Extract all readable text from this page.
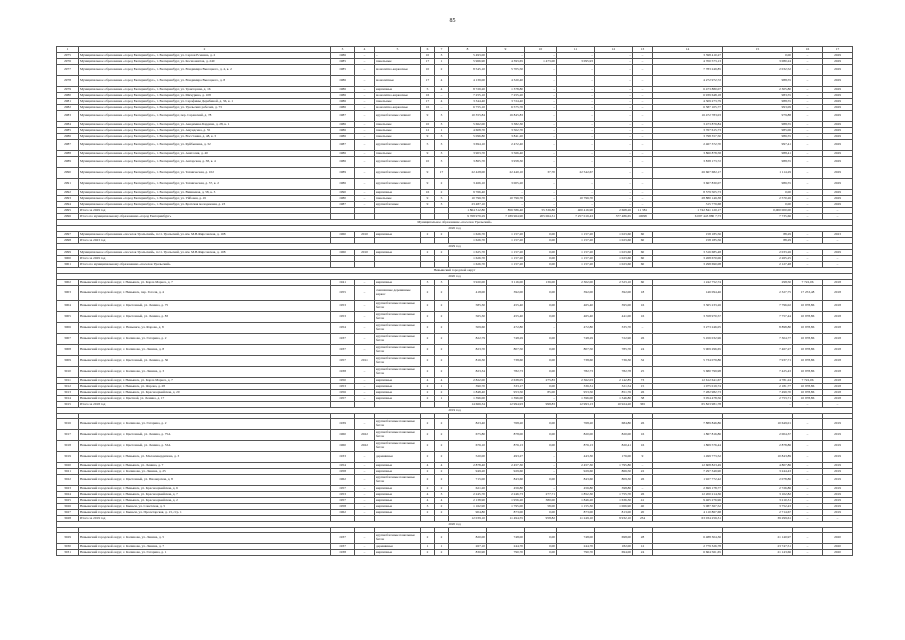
85
1	2	3	4	5	6	7	8	9	10	11	12	13	14	15	16	17
2975	Муниципальное образование «город Екатеринбург», г. Екатеринбург, ул. Сергея Есенина, д. 2	1986	–	–	10	3	5 493,00	–	–	–	–	–	3 398 410,27	0,00	–	2029
2976	Муниципальное образование «город Екатеринбург», г. Екатеринбург, ул. Космонавтов, д. 240	1985	–	панельные	17	1	5 966,90	4 393,65	1 473,00	3 095,93	–	–	4 700 573,13	3 080,24	–	2029
2977	Муниципальное образование «город Екатеринбург», г. Екатеринбург, ул. Владимира Высоцкого, д. 4, к. 2	1985	–	монолитно-каркасные	10	2	8 545,10	5 705,50	–	–	–	–	7 783 249,85	2 032,52	–	2029
2978	Муниципальное образование «город Екатеринбург», г. Екатеринбург, ул. Владимира Высоцкого, д. 8	1986	–	монолитные	17	4	4 139,00	4 320,40	–	–	–	–	4 272 972,72	988,55	–	2029
2979	Муниципальное образование «город Екатеринбург», г. Екатеринбург, ул. Тракторная, д. 16	1986	–	кирпичные	5	4	8 729,20	1 378,80	–	–	–	–	6 473 880,07	2 305,80	–	2029
2980	Муниципальное образование «город Екатеринбург», г. Екатеринбург, ул. Мичурина, д. 108	1986	–	монолитно-каркасные	16	–	7 255,10	7 255,20	–	–	–	–	6 939 648,18	983,55	–	2029
2981	Муниципальное образование «город Екатеринбург», г. Екатеринбург, ул. Серафимы Дерябиной, д. 36, к. 1	1986	–	панельные	17	4	3 344,40	3 724,40	–	–	–	–	4 309 273,79	988,55	–	2029
2982	Муниципальное образование «город Екатеринбург», г. Екатеринбург, ул. Уральских рабочих, д. 73	1986	–	монолитно-каркасные	16	–	6 755,10	6 575,70	–	–	–	–	6 587 105,77	993,09	–	2029
2983	Муниципальное образование «город Екатеринбург», г. Екатеринбург, пер. Саранский, д. 78	1987	–	крупноблочные силикат	9	3	10 355,84	16 845,83	–	–	–	–	16 472 783,03	979,88	–	2029
2984	Муниципальное образование «город Екатеринбург», г. Екатеринбург, ул. Академика Бардина, д. 28, к. 1	1986	–	панельные	10	3	5 662,00	3 382,30	–	–	–	–	3 473 879,84	988,55	–	2029
2985	Муниципальное образование «город Екатеринбург», г. Екатеринбург, ул. Амундсена, д. 55	1986	–	панельные	12	1	4 608,70	3 502,70	–	–	–	–	3 767 615,73	985,06	–	2029
2986	Муниципальное образование «город Екатеринбург», г. Екатеринбург, ул. Восстания, д. 48, к. 3	1986	–	панельные	9	3	5 096,80	3 841,20	–	–	–	–	3 798 357,50	986,55	–	2029
2987	Муниципальное образование «город Екатеринбург», г. Екатеринбург, ул. Куйбышева, д. 32	1987	–	крупноблочные силикат	5	3	3 694,10	2 472,40	–	–	–	–	2 467 372,70	997,41	–	2029
2988	Муниципальное образование «город Екатеринбург», г. Екатеринбург, ул. Анатолия, д. 40	1986	–	панельные	9	3	3 903,70	3 566,40	–	–	–	–	3 860 878,58	988,41	–	2029
2989	Муниципальное образование «город Екатеринбург», г. Екатеринбург, ул. Ангарская, д. 38, к. 4	1986	–	крупноблочные силикат	10	3	3 865,70	3 958,30	–	–	–	–	3 838 173,72	988,55	–	2029
2990	Муниципальное образование «город Екатеринбург», г. Екатеринбург, ул. Техническая, д. 102	1989	–	крупноблочные силикат	9	17	22 428,00	22 440,10	37,70	22 542,67	–	–	26 667 682,17	1 114,29	–	2029
2991	Муниципальное образование «город Екатеринбург», г. Екатеринбург, ул. Техническая, д. 37, к. 2	1986	–	крупноблочные силикат	9	2	3 466,10	3 005,20	–	–	–	–	3 667 830,07	986,55	–	2029
2992	Муниципальное образование «город Екатеринбург», г. Екатеринбург, ул. Вишневая, д. 58, к. 3	1990	–	кирпичные	16	2	9 766,40	–	–	–	–	–	8 579 505,73	0,00	–	2029
2993	Муниципальное образование «город Екатеринбург», г. Екатеринбург, ул. Уйбовая, д. 45	1980	–	панельные	9	5	10 796,70	10 796,70	–	10 796,70	–	–	28 880 146,38	2 570,26	–	2029
2994	Муниципальное образование «город Екатеринбург», г. Екатеринбург, ул. Братская молодежная, д. 23	1987	–	крупноблочные	9	3	23 487,10	–	–	–	–	–	315 779,68	0,00	–	2029
2995	Итого за 2029 год						1 864 312,80	856 586,40	55 336,80	400 416,90	2 668,26	11 381	1 742 841 120,17	0,000 000,00	–	–
2996	Итого по муниципальному образованию «город Екатеринбург»						9 768 979,29	7 189 964,90	205 064,31	7 257 019,43	377 486,65	10098	6 097 443 880 7,73	7 735,66	–	–
Муниципальное образование «поселок Уральский»																
2020 год																
2997	Муниципальное образование «поселок Уральский», п.г.т. Уральский, ул. им. М.В.Фирсовская, д. 108	1960	2010	кирпичные	2	2	1 626,70	1 157,20	0,00	1 157,20	1 023,60	60	158 185,56	88,29	–	2023
2998	Итого за 2023 год						1 626,70	1 157,20	0,00	1 157,20	1 023,60	60	158 185,56	88,29	–	–
2029 год																
2999	Муниципальное образование «поселок Уральский», п.г.т. Уральский, ул. им. М.В.Фирсовская, д. 108	1960	2010	кирпичные	2	2	1 625,70	1 157,20	0,00	1 157,20	1 023,60	60	3 316 685,48	2 033,26	–	2029
3000	Итого за 2029 год						1 626,70	1 157,20	0,00	1 157,20	1 023,60	60	3 268 670,06	2 265,25	–	–
3001	Итого по муниципальному образованию «поселок Уральский»						1 626,70	1 157,20	0,00	1 157,20	1 023,60	60	3 298 690,08	2 127,48	–	–
Невьянский городской округ																
2020 год																
3002	Невьянский городской округ, г. Невьянск, ул. Карла Маркса, д. 7	1941	–	кирпичные	3	3	3 920,00	3 116,00	136,00	2 302,00	2 523,10	60	1 242 752,74	298,50	7 722,06	2018
3003	Невьянский городской округ, г. Невьянск, пер. Гоголя, д. 4	1955	–	смешанные деревянные каркас	2	2	418,00	392,00	0,00	392,00	392,00	18	146 094,46	2 327,75	17 253,48	2018
3004	Невьянский городской округ, с. Цветочный, ул. Ленина, д. 75	1953	–	крупноблочные панельные бетон	2	2	585,30	455,40	0,00	465,40	395,00	16	3 365 233,26	7 796,02	10 978,86	2018
3005	Невьянский городской округ, с. Цветочный, ул. Ленина, д. 83	1953	–	крупноблочные панельные бетон	2	2	565,30	455,40	0,00	465,40	441,00	16	3 358 970,57	7 757,44	10 978,86	2018
3006	Невьянский городской округ, с. Невьянск, ул. Фарова, д. 8	1954	–	крупноблочные панельные бетон	2	2	509,60	472,80	–	472,80	335,70	–	3 273 246,05	8 898,80	10 978,86	2018
3007	Невьянский городской округ, с. Калинова, ул. Гагарина, д. 2	1937	–	крупноблочные панельные бетон	2	2	822,79	748,29	0,00	748,29	722,90	26	5 456 032,96	7 304,77	10 978,86	2018
3008	Невьянский городской округ, с. Калинова, ул. Ленина, д. 8	1937	–	крупноблочные панельные бетон	2	2	823,70	807,50	0,00	807,50	785,70	24	5 909 296,65	7 467,27	10 978,86	2018
3009	Невьянский городской округ, с. Цветочный, ул. Ленина, д. 56	1957	2011	крупноблочные панельные бетон	2	2	816,30	738,60	0,00	738,60	736,30	32	5 734 079,86	7 937,71	10 978,86	2018
3010	Невьянский городской округ, с. Калинова, ул. Ленина, д. 3	1938	–	крупноблочные панельные бетон	2	2	823,34	782,73	0,00	782,73	782,78	25	5 680 799,98	7 425,43	10 978,86	2018
3011	Невьянский городской округ, г. Невьянск, ул. Карла Маркса, д. 7	1950	–	кирпичные	4	4	2 822,00	2 638,05	275,83	2 362,03	2 142,85	73	12 612 641,67	4 781,24	7 722,06	2018
3012	Невьянский городской округ, г. Невьянск, ул. Фарова, д. 28	1953	–	кирпичные	2	1	390,70	333,17	0,00	336,31	321,54	15	1 075 019,74	2 181,77	10 978,86	2018
3013	Невьянский городской округ, г. Невьянск, ул. Красноармейская, д. 20	1956	–	кирпичные	2	2	1 848,40	953,50	85,00	953,50	851,76	26	7 282 982,73	7 499,70	10 978,86	2018
3014	Невьянский городской округ, с. Цветной, ул. Ленина, д. 17	1957	–	кирпичные	2	1	1 396,00	1 396,00	–	1 396,00	1 346,80	38	3 054 478,56	2 753,71	10 978,86	2018
3015	Итого за 2018 год						14 666,34	12 994,93	998,83	12 993,13	10 924,20	365	65 823 981,78	–	–	–
2019 год																

3016	Невьянский городской округ, с. Калинова, ул. Гагарина, д. 2	1939	–	крупноблочные панельные бетон	2	2	823,40	768,20	0,00	768,20	684,80	26	7 889 846,86	10 649,01	–	2019
3017	Невьянский городской округ, с. Цветочный, ул. Ленина, д. 75А	1960	2022	крупноблочные панельные бетон	2	2	675,80	878,00	0,00	820,00	820,00	16	1 867 816,86	2 004,37	–	2019
3018	Невьянский городской округ, с. Цветочный, ул. Ленина, д. 53А	1960	2022	крупноблочные панельные бетон	2	2	676,10	876,13	0,00	876,13	820,41	16	1 869 576,44	2 878,86	–	2019
3019	Невьянский городской округ, г. Невьянск, ул. Маломенердипова, д. 3	1933	–	деревянные	2	2	520,00	493,27	–	443,30	176,00	9	1 499 773,52	10 843,89	–	2019
3020	Невьянский городской округ, г. Невьянск, ул. Ленина, д. 7	1954	–	кирпичные	4	4	2 878,40	2 457,30	–	2 457,30	1 795,80	–	12 608 823,49	4 807,86	–	2019
3021	Невьянский городской округ, с. Калинова, ул. Ленина, д. 25	1958	–	кирпичные	2	2	949,20	929,60	–	929,60	866,50	22	7 297 349,90	3 244,43	–	2019
3022	Невьянский городской округ, с. Цветочный, ул. Пионерская, д. 8	1962	–	крупноблочные панельные бетон	2	2	715,00	843,60	0,00	843,60	809,30	26	1 927 772,42	2 078,86	–	2019
3023	Невьянский городской округ, г. Невьянск, ул. Красноармейская, д. 6	1957	–	кирпичные	2	2	621,20	456,80	–	456,80	398,80	–	2 699 178,77	2 726,86	–	2019
3024	Невьянский городской округ, г. Невьянск, ул. Красноармейская, д. 7	1953	–	кирпичные	4	3	2 245,70	2 246,73	277,71	1 852,30	1 755,70	26	12 200 214,36	3 102,82	–	2019
3025	Невьянский городской округ, г. Невьянск, ул. Красноармейская, д. 2	1957	–	кирпичные	4	4	2 138,90	1 956,20	380,00	1 846,20	1 636,30	41	9 465 276,96	3 210,31	–	2019
3026	Невьянский городской округ, с. Быньги, ул. Советская, д. 5	1958	–	кирпичные	3	2	1 162,90	1 795,00	58,00	1 155,30	1 066,90	40	5 087 367,52	3 752,43	–	2019
3027	Невьянский городской округ, с. Быньги, ул. Пролетарская, д. 13, стр. 1	1962	–	кирпичные	2	2	904,80	873,00	0,00	873,00	813,00	20	4 110 867,68	2 714,67	–	2019
3028	Итого за 2019 год						12 039,10	11 494,55	958,82	11 249,10	9 932,10	234	63 034 256,31	39 299,61	–	–
2020 год																

3029	Невьянский городской округ, с. Калинова, ул. Ленина, д. 5	1937	–	крупноблочные панельные бетон	2	2	820,00	748,00	0,00	748,00	698,00	28	6 488 304,36	21 140,97	–	2020
3030	Невьянский городской округ, с. Калинова, ул. Ленина, д. 7	1937	–	деревянные	1	1	267,10	244,70	0,00	244,70	182,00	12	2 779 326,78	23 747,51	–	2020
3031	Невьянский городской округ, с. Калинова, ул. Гагарина, д. 1	1938	–	кирпичные	2	2	830,90	790,70	0,00	790,70	694,00	24	6 664 561,65	21 143,66	–	2020
